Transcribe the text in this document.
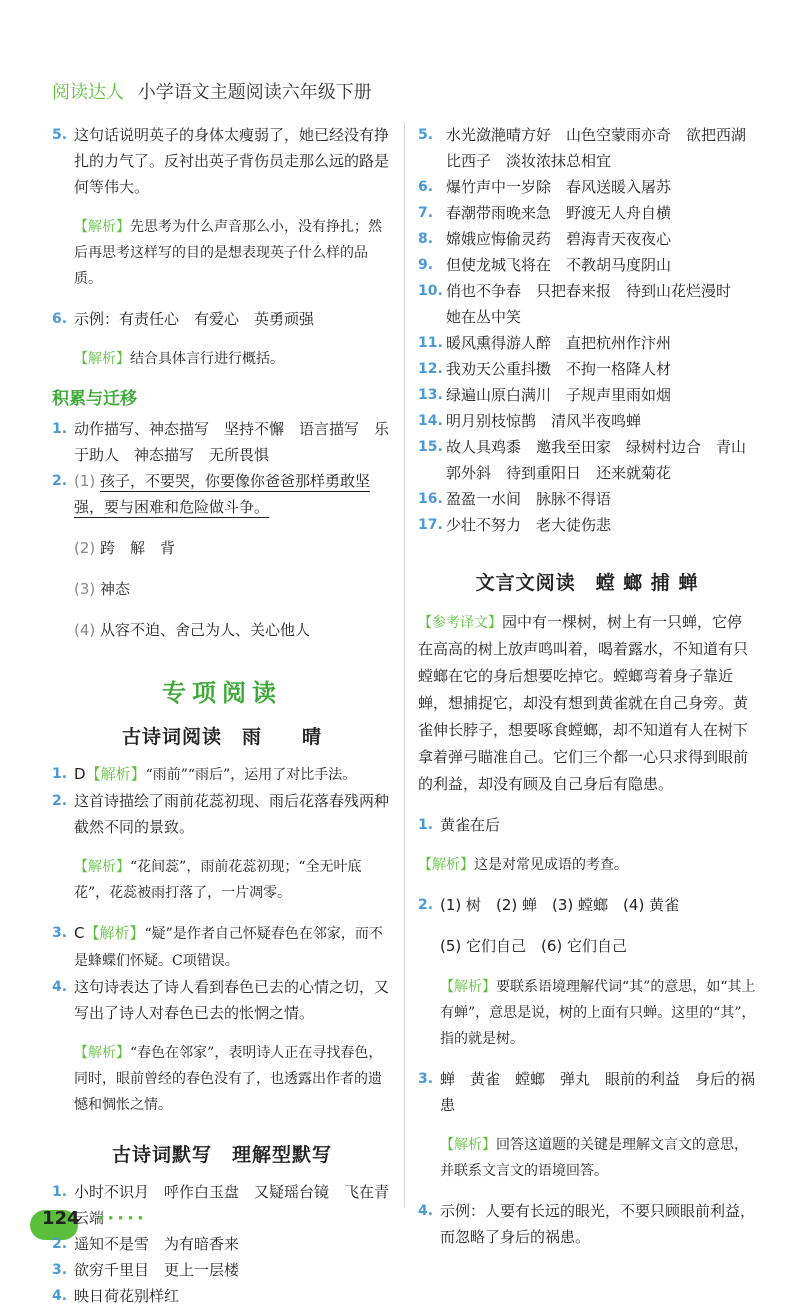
阅读达人 小学语文主题阅读六年级下册

5. 这句话说明英子的身体太瘦弱了，她已经没有挣扎的力气了。反衬出英子背伤员走那么远的路是何等伟大。

【解析】先思考为什么声音那么小，没有挣扎；然后再思考这样写的目的是想表现英子什么样的品质。

6. 示例：有责任心　有爱心　英勇顽强

【解析】结合具体言行进行概括。

积累与迁移

1. 动作描写、神态描写　坚持不懈　语言描写　乐于助人　神态描写　无所畏惧

2. (1) 孩子，不要哭，你要像你爸爸那样勇敢坚强，要与困难和危险做斗争。

(2) 跨　解　背

(3) 神态

(4) 从容不迫、舍己为人、关心他人

专项阅读
古诗词阅读　雨　　晴

1. D【解析】“雨前”“雨后”，运用了对比手法。

2. 这首诗描绘了雨前花蕊初现、雨后花落春残两种截然不同的景致。

【解析】“花间蕊”，雨前花蕊初现；“全无叶底花”，花蕊被雨打落了，一片凋零。

3. C【解析】“疑”是作者自己怀疑春色在邻家，而不是蜂蝶们怀疑。C项错误。

4. 这句诗表达了诗人看到春色已去的心情之切，又写出了诗人对春色已去的怅惘之情。

【解析】“春色在邻家”，表明诗人正在寻找春色，同时，眼前曾经的春色没有了，也透露出作者的遗憾和惆怅之情。

古诗词默写　理解型默写

1. 小时不识月　呼作白玉盘　又疑瑶台镜　飞在青云端

2. 遥知不是雪　为有暗香来

3. 欲穷千里目　更上一层楼

4. 映日荷花别样红

5. 水光潋滟晴方好　山色空蒙雨亦奇　欲把西湖比西子　淡妆浓抹总相宜

6. 爆竹声中一岁除　春风送暖入屠苏

7. 春潮带雨晚来急　野渡无人舟自横

8. 嫦娥应悔偷灵药　碧海青天夜夜心

9. 但使龙城飞将在　不教胡马度阴山

10. 俏也不争春　只把春来报　待到山花烂漫时　她在丛中笑

11. 暖风熏得游人醉　直把杭州作汴州

12. 我劝天公重抖擞　不拘一格降人材

13. 绿遍山原白满川　子规声里雨如烟

14. 明月别枝惊鹊　清风半夜鸣蝉

15. 故人具鸡黍　邀我至田家　绿树村边合　青山郭外斜　待到重阳日　还来就菊花

16. 盈盈一水间　脉脉不得语

17. 少壮不努力　老大徒伤悲

文言文阅读　螳 螂 捕 蝉

【参考译文】园中有一棵树，树上有一只蝉，它停在高高的树上放声鸣叫着，喝着露水，不知道有只螳螂在它的身后想要吃掉它。螳螂弯着身子靠近蝉，想捕捉它，却没有想到黄雀就在自己身旁。黄雀伸长脖子，想要啄食螳螂，却不知道有人在树下拿着弹弓瞄准自己。它们三个都一心只求得到眼前的利益，却没有顾及自己身后有隐患。

1. 黄雀在后

【解析】这是对常见成语的考查。

2. (1) 树　(2) 蝉　(3) 螳螂　(4) 黄雀

(5) 它们自己　(6) 它们自己

【解析】要联系语境理解代词“其”的意思，如“其上有蝉”，意思是说，树的上面有只蝉。这里的“其”，指的就是树。

3. 蝉　黄雀　螳螂　弹丸　眼前的利益　身后的祸患

【解析】回答这道题的关键是理解文言文的意思，并联系文言文的语境回答。

4. 示例：人要有长远的眼光，不要只顾眼前利益，而忽略了身后的祸患。

124 ·····
